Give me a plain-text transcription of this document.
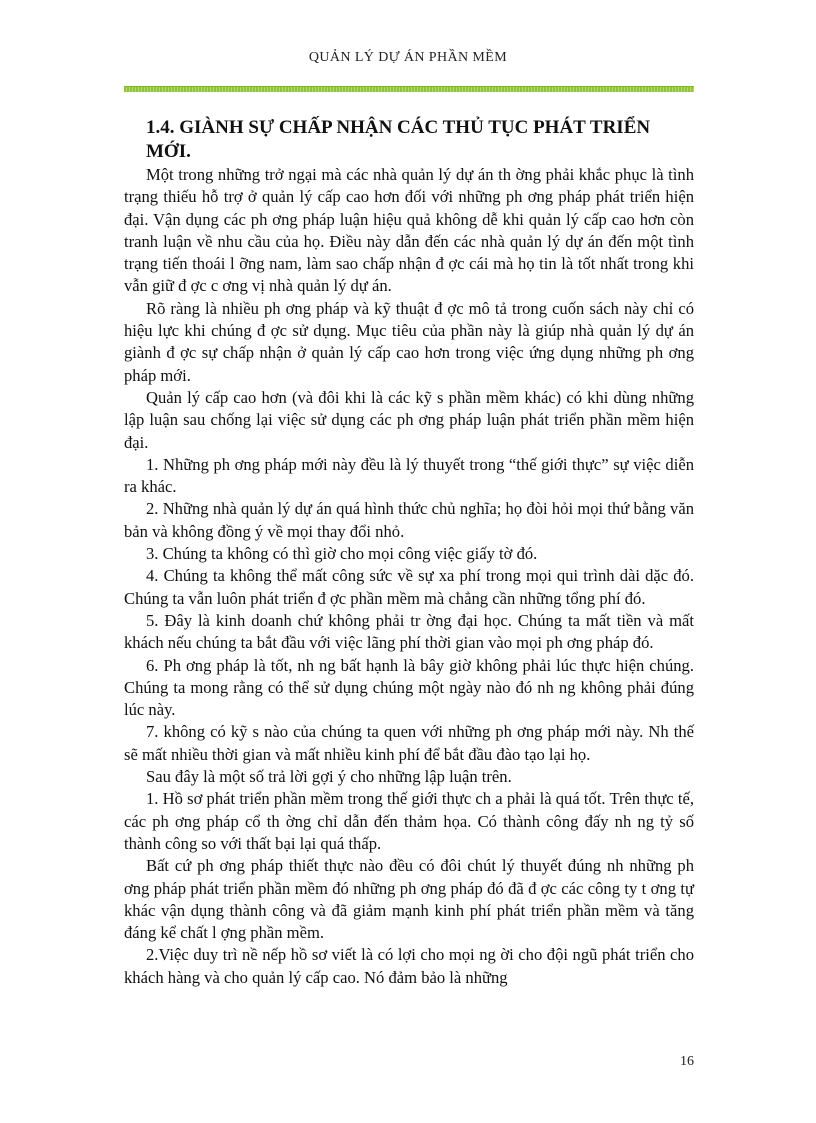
QUẢN LÝ DỰ ÁN PHẦN MỀM
1.4. GIÀNH SỰ CHẤP NHẬN CÁC THỦ TỤC PHÁT TRIỂN MỚI.

Một trong những trở ngại mà các nhà quản lý dự án th ờng phải khắc phục là tình trạng thiếu hỗ trợ ở quản lý cấp cao hơn đối với những ph ơng pháp phát triển hiện đại. Vận dụng các ph ơng pháp luận hiệu quả không dễ khi quản lý cấp cao hơn còn tranh luận về nhu cầu của họ. Điều này dẫn đến các nhà quản lý dự án đến một tình trạng tiến thoái l ỡng nam, làm sao chấp nhận đ ợc cái mà họ tin là tốt nhất trong khi vẫn giữ đ ợc c ơng vị nhà quản lý dự án.

Rõ ràng là nhiều ph ơng pháp và kỹ thuật đ ợc mô tả trong cuốn sách này chỉ có hiệu lực khi chúng đ ợc sử dụng. Mục tiêu của phần này là giúp nhà quản lý dự án giành đ ợc sự chấp nhận ở quản lý cấp cao hơn trong việc ứng dụng những ph ơng pháp mới.

Quản lý cấp cao hơn (và đôi khi là các kỹ s phần mềm khác) có khi dùng những lập luận sau chống lại việc sử dụng các ph ơng pháp luận phát triển phần mềm hiện đại.

1. Những ph ơng pháp mới này đều là lý thuyết trong “thế giới thực” sự việc diễn ra khác.

2. Những nhà quản lý dự án quá hình thức chủ nghĩa; họ đòi hỏi mọi thứ bằng văn bản và không đồng ý về mọi thay đổi nhỏ.

3. Chúng ta không có thì giờ cho mọi công việc giấy tờ đó.

4. Chúng ta không thể mất công sức về sự xa phí trong mọi qui trình dài dặc đó. Chúng ta vẫn luôn phát triển đ ợc phần mềm mà chẳng cần những tổng phí đó.

5. Đây là kinh doanh chứ không phải tr ờng đại học. Chúng ta mất tiền và mất khách nếu chúng ta bắt đầu với việc lãng phí thời gian vào mọi ph ơng pháp đó.

6. Ph ơng pháp là tốt, nh ng bất hạnh là bây giờ không phải lúc thực hiện chúng. Chúng ta mong rằng có thể sử dụng chúng một ngày nào đó nh ng không phải đúng lúc này.

7. không có kỹ s nào của chúng ta quen với những ph ơng pháp mới này. Nh thế sẽ mất nhiều thời gian và mất nhiều kinh phí để bắt đầu đào tạo lại họ.

Sau đây là một số trả lời gợi ý cho những lập luận trên.

1. Hồ sơ phát triển phần mềm trong thế giới thực ch a phải là quá tốt. Trên thực tế, các ph ơng pháp cổ th ờng chỉ dẫn đến thảm họa. Có thành công đấy nh ng tỷ số thành công so với thất bại lại quá thấp.

Bất cứ ph ơng pháp thiết thực nào đều có đôi chút lý thuyết đúng nh những ph ơng pháp phát triển phần mềm đó những ph ơng pháp đó đã đ ợc các công ty t ơng tự khác vận dụng thành công và đã giảm mạnh kinh phí phát triển phần mềm và tăng đáng kể chất l ợng phần mềm.

2.Việc duy trì nề nếp hồ sơ viết là có lợi cho mọi ng ời cho đội ngũ phát triển cho khách hàng và cho quản lý cấp cao. Nó đảm bảo là những

16
